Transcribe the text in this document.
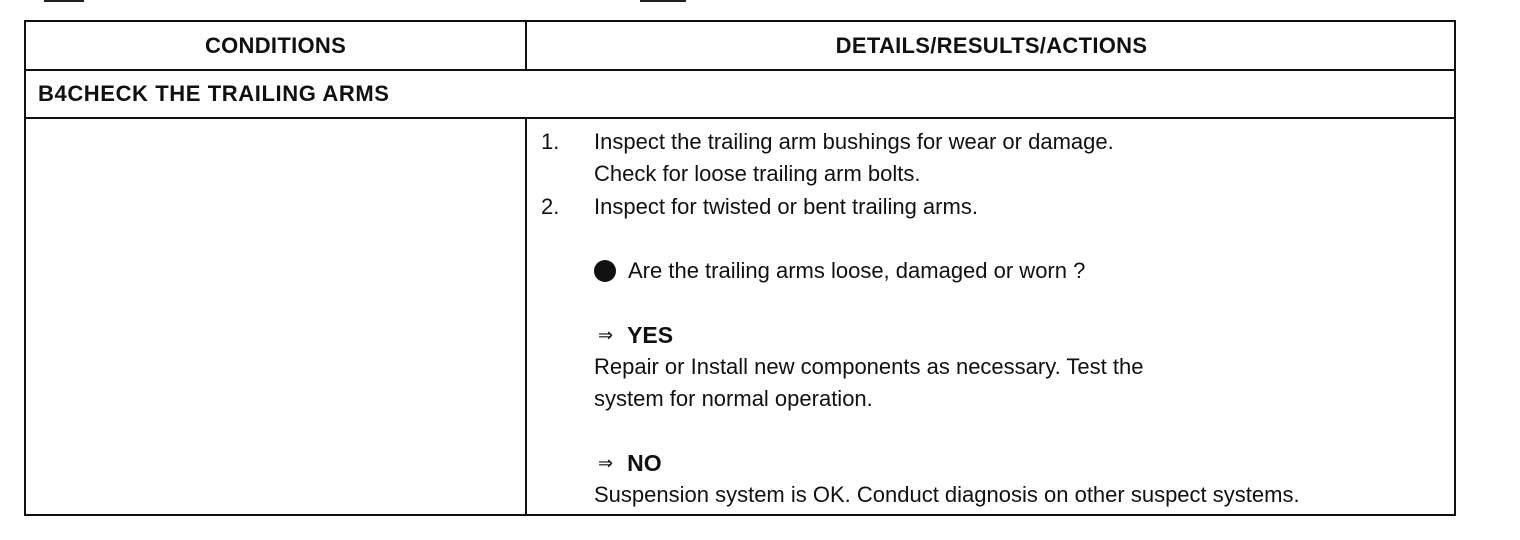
CONDITIONS	DETAILS/RESULTS/ACTIONS
B4CHECK THE TRAILING ARMS
1. Inspect the trailing arm bushings for wear or damage.
Check for loose trailing arm bolts.
2. Inspect for twisted or bent trailing arms.
Are the trailing arms loose, damaged or worn ?
⇒ YES
Repair or Install new components as necessary. Test the
system for normal operation.
⇒ NO
Suspension system is OK. Conduct diagnosis on other suspect systems.
